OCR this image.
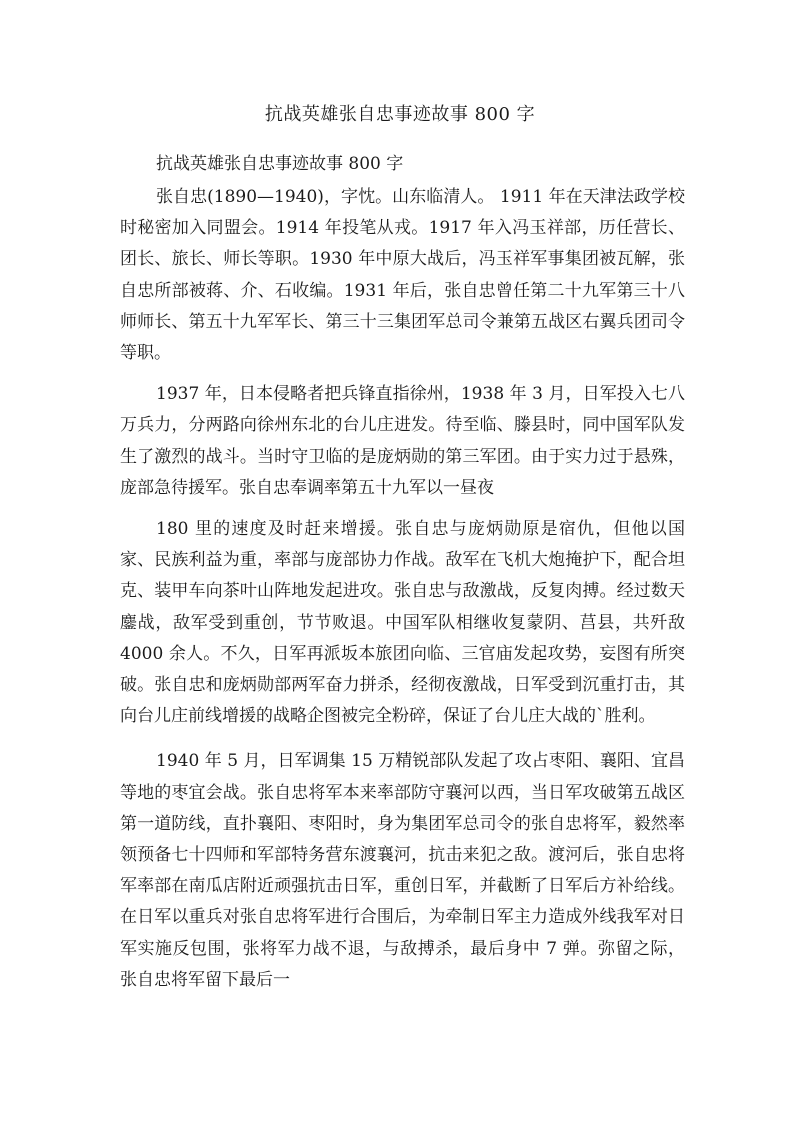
抗战英雄张自忠事迹故事 800 字

抗战英雄张自忠事迹故事 800 字

张自忠(1890—1940)，字忱。山东临清人。 1911 年在天津法政学校时秘密加入同盟会。1914 年投笔从戎。1917 年入冯玉祥部，历任营长、团长、旅长、师长等职。1930 年中原大战后，冯玉祥军事集团被瓦解，张自忠所部被蒋、介、石收编。1931 年后，张自忠曾任第二十九军第三十八师师长、第五十九军军长、第三十三集团军总司令兼第五战区右翼兵团司令等职。

1937 年，日本侵略者把兵锋直指徐州，1938 年 3 月，日军投入七八万兵力，分两路向徐州东北的台儿庄进发。待至临、滕县时，同中国军队发生了激烈的战斗。当时守卫临的是庞炳勋的第三军团。由于实力过于悬殊，庞部急待援军。张自忠奉调率第五十九军以一昼夜

180 里的速度及时赶来增援。张自忠与庞炳勋原是宿仇，但他以国家、民族利益为重，率部与庞部协力作战。敌军在飞机大炮掩护下，配合坦克、装甲车向茶叶山阵地发起进攻。张自忠与敌激战，反复肉搏。经过数天鏖战，敌军受到重创，节节败退。中国军队相继收复蒙阴、莒县，共歼敌 4000 余人。不久，日军再派坂本旅团向临、三官庙发起攻势，妄图有所突破。张自忠和庞炳勋部两军奋力拼杀，经彻夜激战，日军受到沉重打击，其向台儿庄前线增援的战略企图被完全粉碎，保证了台儿庄大战的`胜利。

1940 年 5 月，日军调集 15 万精锐部队发起了攻占枣阳、襄阳、宜昌等地的枣宜会战。张自忠将军本来率部防守襄河以西，当日军攻破第五战区第一道防线，直扑襄阳、枣阳时，身为集团军总司令的张自忠将军，毅然率领预备七十四师和军部特务营东渡襄河，抗击来犯之敌。渡河后，张自忠将军率部在南瓜店附近顽强抗击日军，重创日军，并截断了日军后方补给线。在日军以重兵对张自忠将军进行合围后，为牵制日军主力造成外线我军对日军实施反包围，张将军力战不退，与敌搏杀，最后身中 7 弹。弥留之际，张自忠将军留下最后一
